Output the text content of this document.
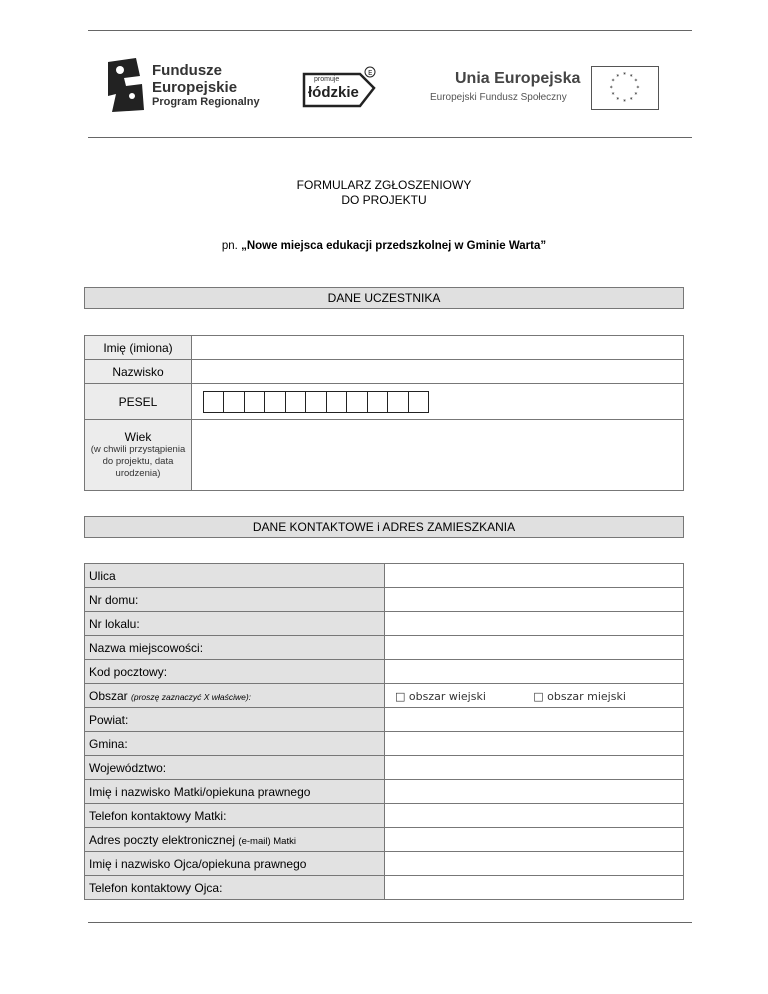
Fundusze
Europejskie
Program Regionalny
E
promuje
łódzkie
Unia Europejska
Europejski Fundusz Społeczny
* *
*
*
*
*
*
*
*
*
*
*
FORMULARZ ZGŁOSZENIOWY
DO PROJEKTU
pn. „Nowe miejsca edukacji przedszkolnej w Gminie Warta”
DANE UCZESTNIKA
Imię (imiona)	
Nazwisko	
PESEL	

Wiek
(w chwili przystąpienia do projektu, data urodzenia)	

DANE KONTAKTOWE i ADRES ZAMIESZKANIA
Ulica	
Nr domu:	
Nr lokalu:	
Nazwa miejscowości:	
Kod pocztowy:	
Obszar (proszę zaznaczyć X właściwe):	□ obszar wiejski □ obszar miejski
Powiat:	
Gmina:	
Województwo:	
Imię i nazwisko Matki/opiekuna prawnego	
Telefon kontaktowy Matki:	
Adres poczty elektronicznej (e-mail) Matki	
Imię i nazwisko Ojca/opiekuna prawnego	
Telefon kontaktowy Ojca:	
